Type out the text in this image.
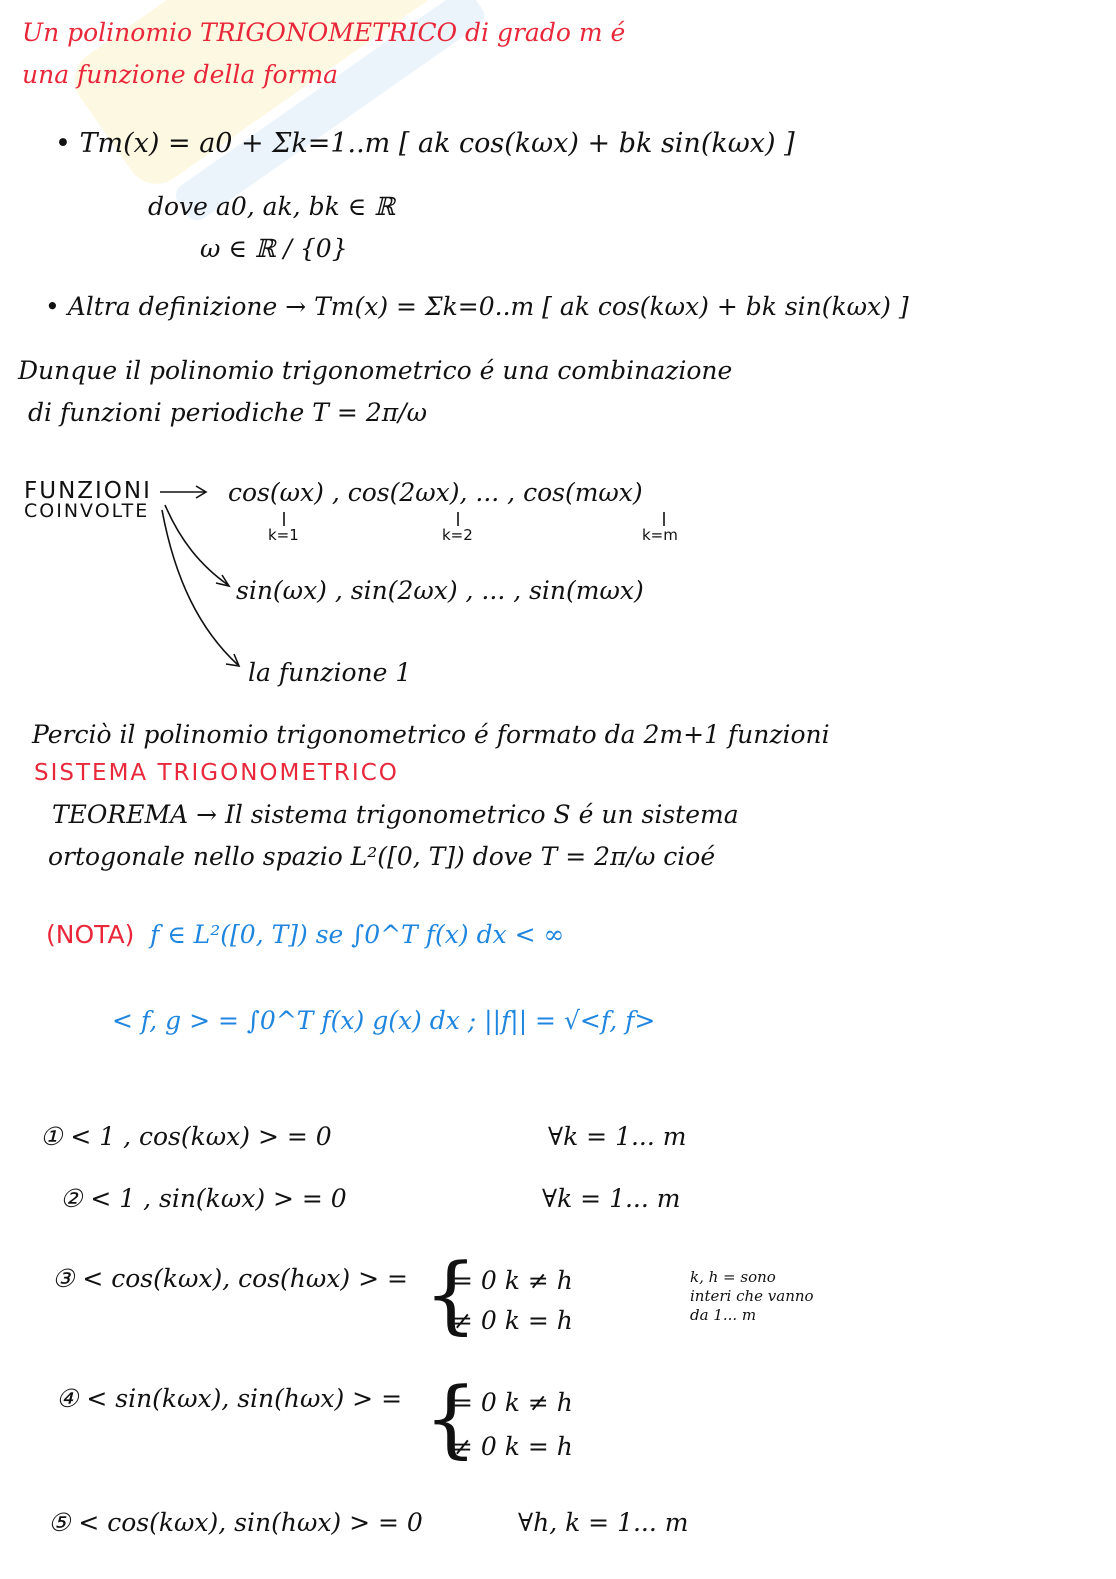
Un polinomio TRIGONOMETRICO di grado m é
una funzione della forma
• Tm(x) = a0 + Σk=1..m [ ak cos(kωx) + bk sin(kωx) ]
dove a0, ak, bk ∈ ℝ
ω ∈ ℝ / {0}
• Altra definizione → Tm(x) = Σk=0..m [ ak cos(kωx) + bk sin(kωx) ]
Dunque il polinomio trigonometrico é una combinazione
di funzioni periodiche T = 2π/ω
FUNZIONI
COINVOLTE
cos(ωx) , cos(2ωx), ... , cos(mωx)
k=1	k=2	k=m
sin(ωx) , sin(2ωx) , ... , sin(mωx)
la funzione 1
Perciò il polinomio trigonometrico é formato da 2m+1 funzioni
SISTEMA TRIGONOMETRICO
TEOREMA → Il sistema trigonometrico S é un sistema
ortogonale nello spazio L²([0, T]) dove T = 2π/ω cioé
(NOTA) f ∈ L²([0, T]) se ∫0^T f(x) dx < ∞
< f, g > = ∫0^T f(x) g(x) dx ; ||f|| = √<f, f>
① < 1 , cos(kωx) > = 0	∀k = 1... m
② < 1 , sin(kωx) > = 0	∀k = 1... m
③ < cos(kωx), cos(hωx) > = {
= 0 k ≠ h
≠ 0 k = h
k, h = sono interi che vanno da 1... m
④ < sin(kωx), sin(hωx) > = {
= 0 k ≠ h
≠ 0 k = h
⑤ < cos(kωx), sin(hωx) > = 0	∀h, k = 1... m
